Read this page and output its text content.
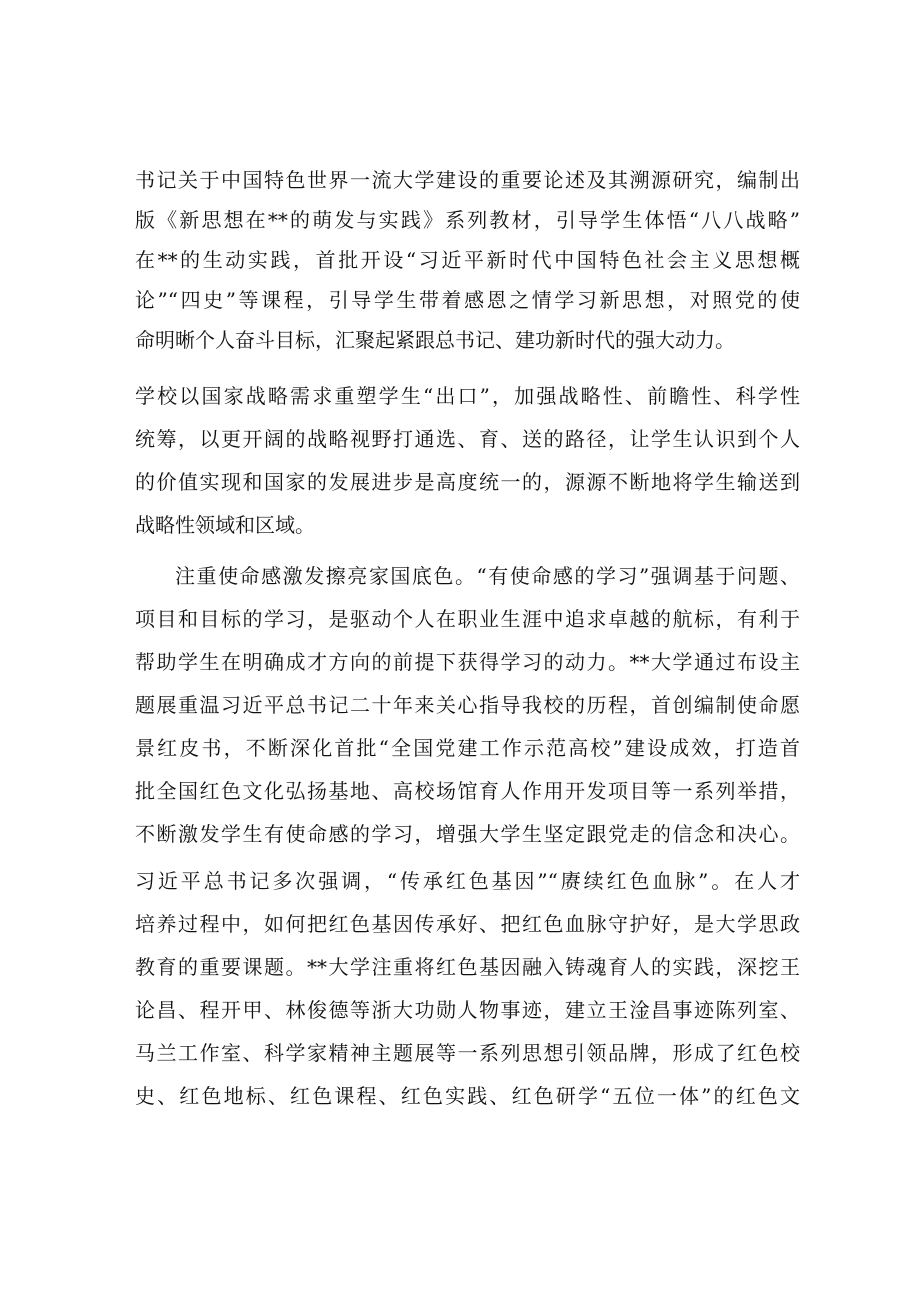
书记关于中国特色世界一流大学建设的重要论述及其溯源研究，编制出
版《新思想在**的萌发与实践》系列教材，引导学生体悟“八八战略”
在**的生动实践，首批开设“习近平新时代中国特色社会主义思想概
论”“四史”等课程，引导学生带着感恩之情学习新思想，对照党的使
命明晰个人奋斗目标，汇聚起紧跟总书记、建功新时代的强大动力。
学校以国家战略需求重塑学生“出口”，加强战略性、前瞻性、科学性
统筹，以更开阔的战略视野打通选、育、送的路径，让学生认识到个人
的价值实现和国家的发展进步是高度统一的，源源不断地将学生输送到
战略性领域和区域。
注重使命感激发擦亮家国底色。“有使命感的学习”强调基于问题、
项目和目标的学习，是驱动个人在职业生涯中追求卓越的航标，有利于
帮助学生在明确成才方向的前提下获得学习的动力。**大学通过布设主
题展重温习近平总书记二十年来关心指导我校的历程，首创编制使命愿
景红皮书，不断深化首批“全国党建工作示范高校”建设成效，打造首
批全国红色文化弘扬基地、高校场馆育人作用开发项目等一系列举措，
不断激发学生有使命感的学习，增强大学生坚定跟党走的信念和决心。
习近平总书记多次强调，“传承红色基因”“赓续红色血脉”。在人才
培养过程中，如何把红色基因传承好、把红色血脉守护好，是大学思政
教育的重要课题。**大学注重将红色基因融入铸魂育人的实践，深挖王
论昌、程开甲、林俊德等浙大功勋人物事迹，建立王淦昌事迹陈列室、
马兰工作室、科学家精神主题展等一系列思想引领品牌，形成了红色校
史、红色地标、红色课程、红色实践、红色研学“五位一体”的红色文
